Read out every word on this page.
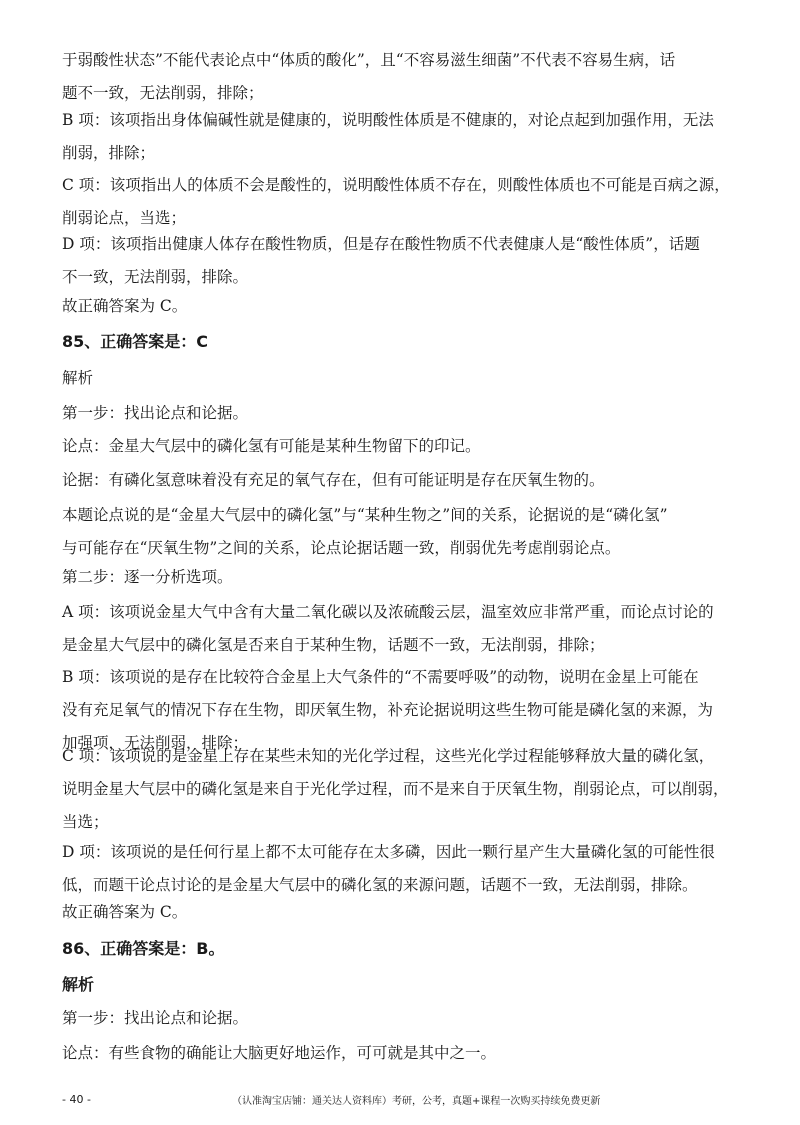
于弱酸性状态”不能代表论点中“体质的酸化”，且“不容易滋生细菌”不代表不容易生病，话
题不一致，无法削弱，排除；
B 项：该项指出身体偏碱性就是健康的，说明酸性体质是不健康的，对论点起到加强作用，无法
削弱，排除；
C 项：该项指出人的体质不会是酸性的，说明酸性体质不存在，则酸性体质也不可能是百病之源，
削弱论点，当选；
D 项：该项指出健康人体存在酸性物质，但是存在酸性物质不代表健康人是“酸性体质”，话题
不一致，无法削弱，排除。
故正确答案为 C。
85、正确答案是：C
解析
第一步：找出论点和论据。
论点：金星大气层中的磷化氢有可能是某种生物留下的印记。
论据：有磷化氢意味着没有充足的氧气存在，但有可能证明是存在厌氧生物的。
本题论点说的是“金星大气层中的磷化氢”与“某种生物之”间的关系，论据说的是“磷化氢”
与可能存在“厌氧生物”之间的关系，论点论据话题一致，削弱优先考虑削弱论点。
第二步：逐一分析选项。
A 项：该项说金星大气中含有大量二氧化碳以及浓硫酸云层，温室效应非常严重，而论点讨论的
是金星大气层中的磷化氢是否来自于某种生物，话题不一致，无法削弱，排除；
B 项：该项说的是存在比较符合金星上大气条件的“不需要呼吸”的动物，说明在金星上可能在
没有充足氧气的情况下存在生物，即厌氧生物，补充论据说明这些生物可能是磷化氢的来源，为
加强项，无法削弱，排除；
C 项：该项说的是金星上存在某些未知的光化学过程，这些光化学过程能够释放大量的磷化氢，
说明金星大气层中的磷化氢是来自于光化学过程，而不是来自于厌氧生物，削弱论点，可以削弱，
当选；
D 项：该项说的是任何行星上都不太可能存在太多磷，因此一颗行星产生大量磷化氢的可能性很
低，而题干论点讨论的是金星大气层中的磷化氢的来源问题，话题不一致，无法削弱，排除。
故正确答案为 C。
86、正确答案是：B。
解析
第一步：找出论点和论据。
论点：有些食物的确能让大脑更好地运作，可可就是其中之一。
- 40 -	（认准淘宝店铺：通关达人资料库）考研，公考，真题+课程一次购买持续免费更新
